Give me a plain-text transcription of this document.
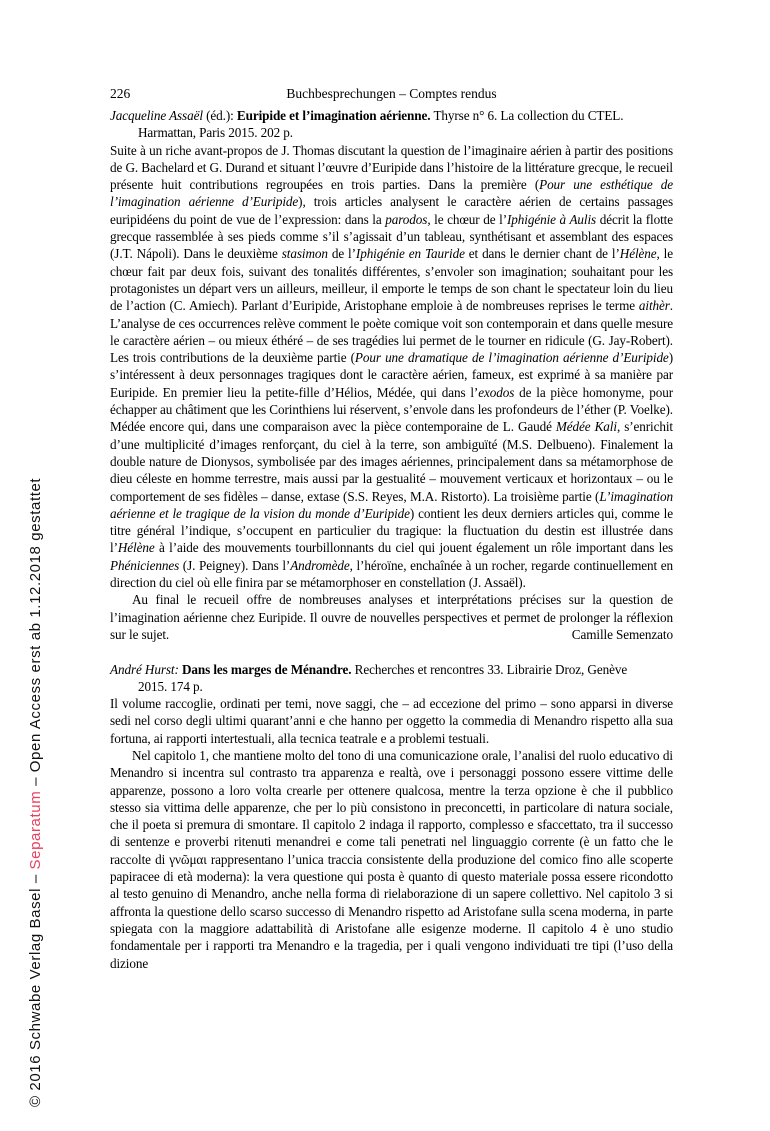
226	Buchbesprechungen – Comptes rendus
Jacqueline Assaël (éd.): Euripide et l’imagination aérienne. Thyrse n° 6. La collection du CTEL.
Harmattan, Paris 2015. 202 p.

Suite à un riche avant-propos de J. Thomas discutant la question de l’imaginaire aérien à partir des positions de G. Bachelard et G. Durand et situant l’œuvre d’Euripide dans l’histoire de la littérature grecque, le recueil présente huit contributions regroupées en trois parties. Dans la première (Pour une esthétique de l’imagination aérienne d’Euripide), trois articles analysent le caractère aérien de certains passages euripidéens du point de vue de l’expression: dans la parodos, le chœur de l’Iphigénie à Aulis décrit la flotte grecque rassemblée à ses pieds comme s’il s’agissait d’un tableau, synthétisant et assemblant des espaces (J.T. Nápoli). Dans le deuxième stasimon de l’Iphigénie en Tauride et dans le dernier chant de l’Hélène, le chœur fait par deux fois, suivant des tonalités différentes, s’envoler son imagination; souhaitant pour les protagonistes un départ vers un ailleurs, meilleur, il emporte le temps de son chant le spectateur loin du lieu de l’action (C. Amiech). Parlant d’Euripide, Aristophane emploie à de nombreuses reprises le terme aithèr. L’analyse de ces occurrences relève comment le poète comique voit son contemporain et dans quelle mesure le caractère aérien – ou mieux éthéré – de ses tragédies lui permet de le tourner en ridicule (G. Jay-Robert). Les trois contributions de la deuxième partie (Pour une dramatique de l’imagination aérienne d’Euripide) s’intéressent à deux personnages tragiques dont le caractère aérien, fameux, est exprimé à sa manière par Euripide. En premier lieu la petite-fille d’Hélios, Médée, qui dans l’exodos de la pièce homonyme, pour échapper au châtiment que les Corinthiens lui réservent, s’envole dans les profondeurs de l’éther (P. Voelke). Médée encore qui, dans une comparaison avec la pièce contemporaine de L. Gaudé Médée Kali, s’enrichit d’une multiplicité d’images renforçant, du ciel à la terre, son ambiguïté (M.S. Delbueno). Finalement la double nature de Dionysos, symbolisée par des images aériennes, principalement dans sa métamorphose de dieu céleste en homme terrestre, mais aussi par la gestualité – mouvement verticaux et horizontaux – ou le comportement de ses fidèles – danse, extase (S.S. Reyes, M.A. Ristorto). La troisième partie (L’imagination aérienne et le tragique de la vision du monde d’Euripide) contient les deux derniers articles qui, comme le titre général l’indique, s’occupent en particulier du tragique: la fluctuation du destin est illustrée dans l’Hélène à l’aide des mouvements tourbillonnants du ciel qui jouent également un rôle important dans les Phéniciennes (J. Peigney). Dans l’Andromède, l’héroïne, enchaînée à un rocher, regarde continuellement en direction du ciel où elle finira par se métamorphoser en constellation (J. Assaël).

Au final le recueil offre de nombreuses analyses et interprétations précises sur la question de l’imagination aérienne chez Euripide. Il ouvre de nouvelles perspectives et permet de prolonger la réflexion sur le sujet.	Camille Semenzato
André Hurst: Dans les marges de Ménandre. Recherches et rencontres 33. Librairie Droz, Genève
2015. 174 p.

Il volume raccoglie, ordinati per temi, nove saggi, che – ad eccezione del primo – sono apparsi in diverse sedi nel corso degli ultimi quarant’anni e che hanno per oggetto la commedia di Menandro rispetto alla sua fortuna, ai rapporti intertestuali, alla tecnica teatrale e a problemi testuali.

Nel capitolo 1, che mantiene molto del tono di una comunicazione orale, l’analisi del ruolo educativo di Menandro si incentra sul contrasto tra apparenza e realtà, ove i personaggi possono essere vittime delle apparenze, possono a loro volta crearle per ottenere qualcosa, mentre la terza opzione è che il pubblico stesso sia vittima delle apparenze, che per lo più consistono in preconcetti, in particolare di natura sociale, che il poeta si premura di smontare. Il capitolo 2 indaga il rapporto, complesso e sfaccettato, tra il successo di sentenze e proverbi ritenuti menandrei e come tali penetrati nel linguaggio corrente (è un fatto che le raccolte di γνῶμαι rappresentano l’unica traccia consistente della produzione del comico fino alle scoperte papiracee di età moderna): la vera questione qui posta è quanto di questo materiale possa essere ricondotto al testo genuino di Menandro, anche nella forma di rielaborazione di un sapere collettivo. Nel capitolo 3 si affronta la questione dello scarso successo di Menandro rispetto ad Aristofane sulla scena moderna, in parte spiegata con la maggiore adattabilità di Aristofane alle esigenze moderne. Il capitolo 4 è uno studio fondamentale per i rapporti tra Menandro e la tragedia, per i quali vengono individuati tre tipi (l’uso della dizione

© 2016 Schwabe Verlag Basel – Separatum – Open Access erst ab 1.12.2018 gestattet
